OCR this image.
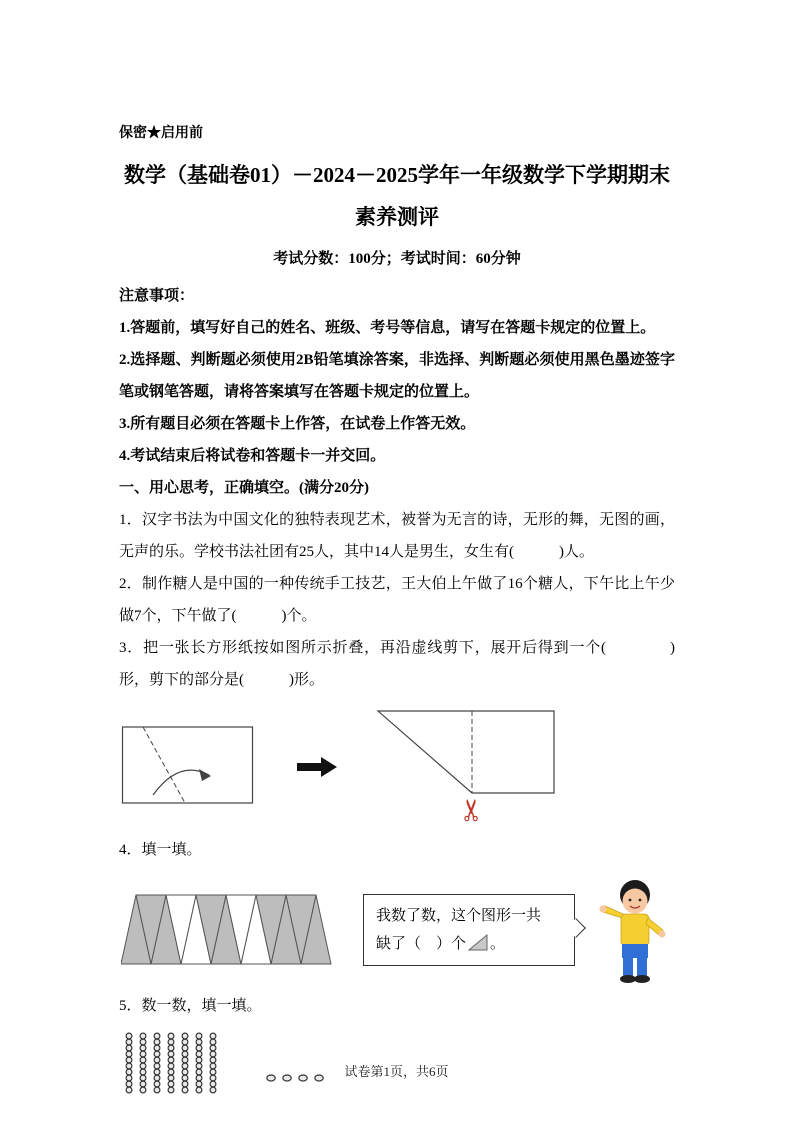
保密★启用前
数学（基础卷01）－2024－2025学年一年级数学下学期期末素养测评
考试分数：100分；考试时间：60分钟

注意事项：

1.答题前，填写好自己的姓名、班级、考号等信息，请写在答题卡规定的位置上。

2.选择题、判断题必须使用2B铅笔填涂答案，非选择、判断题必须使用黑色墨迹签字笔或钢笔答题，请将答案填写在答题卡规定的位置上。

3.所有题目必须在答题卡上作答，在试卷上作答无效。

4.考试结束后将试卷和答题卡一并交回。

一、用心思考，正确填空。(满分20分)

1．汉字书法为中国文化的独特表现艺术，被誉为无言的诗，无形的舞，无图的画，无声的乐。学校书法社团有25人，其中14人是男生，女生有(　　　)人。

2．制作糖人是中国的一种传统手工技艺，王大伯上午做了16个糖人，下午比上午少做7个，下午做了(　　　)个。

3．把一张长方形纸按如图所示折叠，再沿虚线剪下，展开后得到一个(　　　　)形，剪下的部分是(　　　)形。

✂

4．填一填。

我数了数，这个图形一共
缺了（　）个 。

5．数一数，填一填。

试卷第1页，共6页
